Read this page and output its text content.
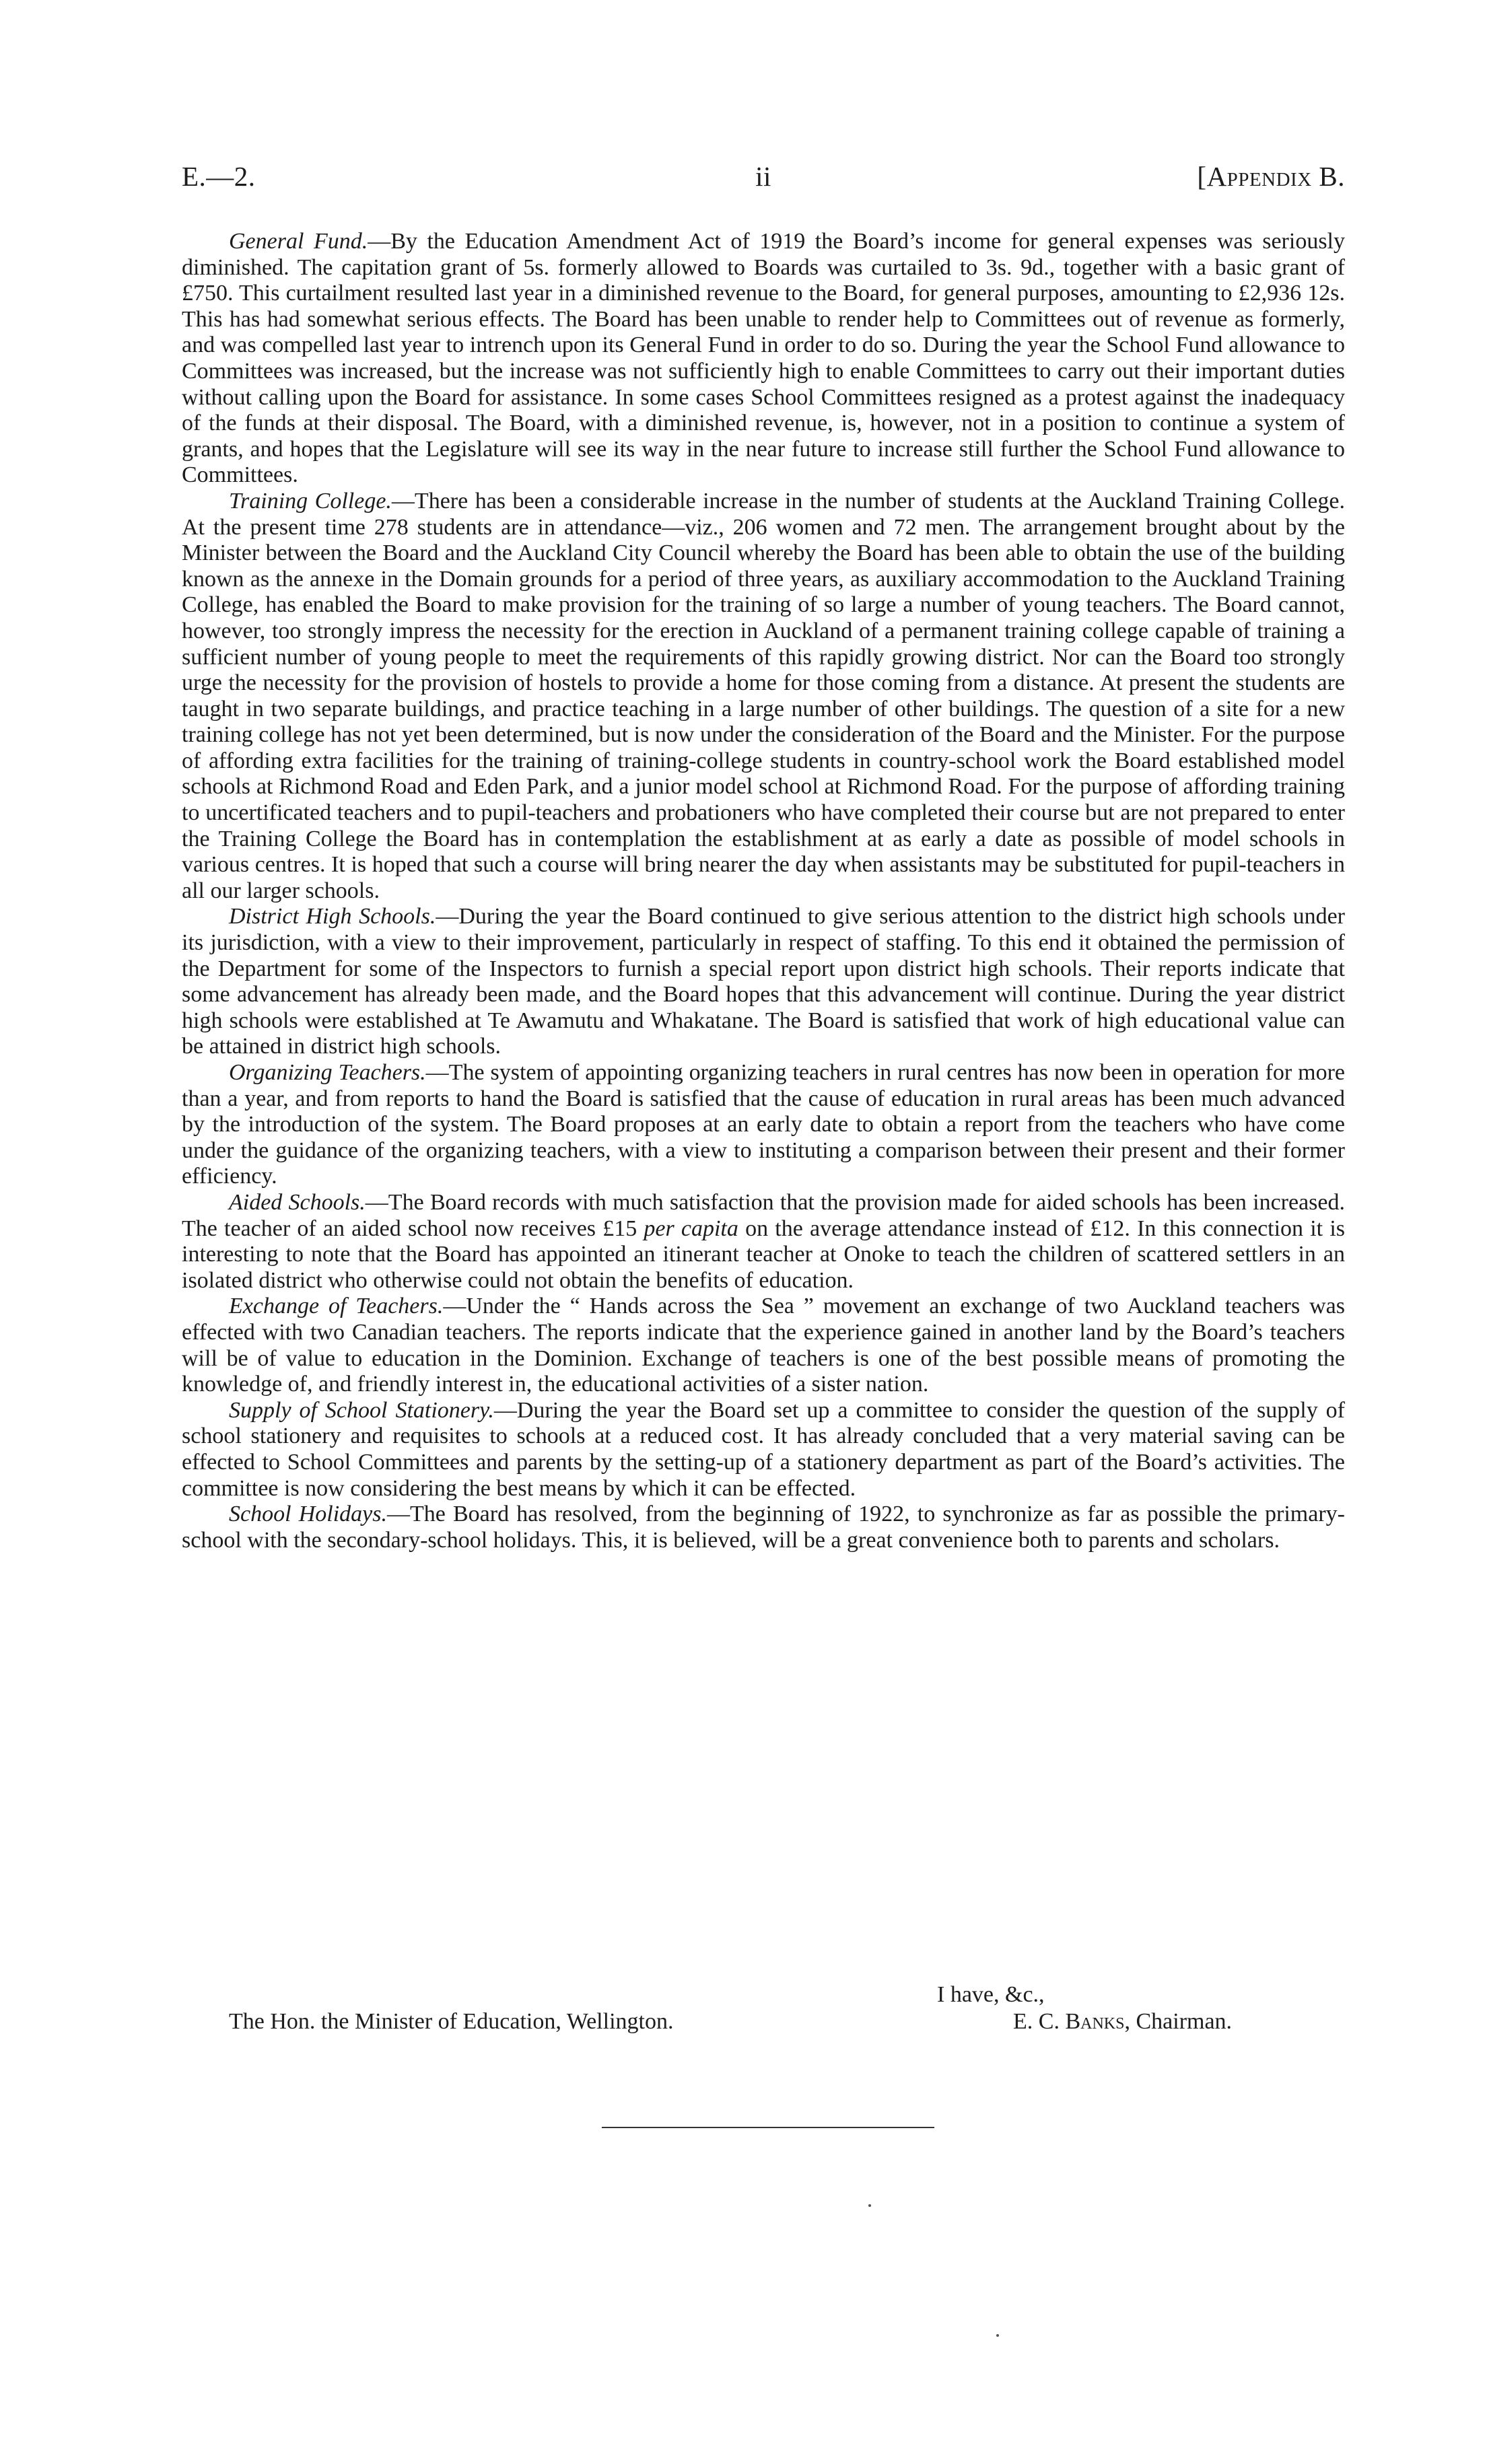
E.—2.	ii	[Appendix B.

General Fund.—By the Education Amendment Act of 1919 the Board’s income for general expenses was seriously diminished. The capitation grant of 5s. formerly allowed to Boards was curtailed to 3s. 9d., together with a basic grant of £750. This curtailment resulted last year in a diminished revenue to the Board, for general purposes, amounting to £2,936 12s. This has had somewhat serious effects. The Board has been unable to render help to Committees out of revenue as formerly, and was compelled last year to intrench upon its General Fund in order to do so. During the year the School Fund allowance to Committees was increased, but the increase was not sufficiently high to enable Committees to carry out their important duties without calling upon the Board for assistance. In some cases School Committees resigned as a protest against the inadequacy of the funds at their disposal. The Board, with a diminished revenue, is, however, not in a position to continue a system of grants, and hopes that the Legislature will see its way in the near future to increase still further the School Fund allowance to Committees.

Training College.—There has been a considerable increase in the number of students at the Auckland Training College. At the present time 278 students are in attendance—viz., 206 women and 72 men. The arrangement brought about by the Minister between the Board and the Auckland City Council whereby the Board has been able to obtain the use of the building known as the annexe in the Domain grounds for a period of three years, as auxiliary accommodation to the Auckland Training College, has enabled the Board to make provision for the training of so large a number of young teachers. The Board cannot, however, too strongly impress the necessity for the erection in Auckland of a permanent training college capable of training a sufficient number of young people to meet the requirements of this rapidly growing district. Nor can the Board too strongly urge the necessity for the provision of hostels to provide a home for those coming from a distance. At present the students are taught in two separate buildings, and practice teaching in a large number of other buildings. The question of a site for a new training college has not yet been determined, but is now under the consideration of the Board and the Minister. For the purpose of affording extra facilities for the training of training-college students in country-school work the Board established model schools at Richmond Road and Eden Park, and a junior model school at Richmond Road. For the purpose of affording training to uncertificated teachers and to pupil-teachers and probationers who have completed their course but are not prepared to enter the Training College the Board has in contemplation the establishment at as early a date as possible of model schools in various centres. It is hoped that such a course will bring nearer the day when assistants may be substituted for pupil-teachers in all our larger schools.

District High Schools.—During the year the Board continued to give serious attention to the district high schools under its jurisdiction, with a view to their improvement, particularly in respect of staffing. To this end it obtained the permission of the Department for some of the Inspectors to furnish a special report upon district high schools. Their reports indicate that some advancement has already been made, and the Board hopes that this advancement will continue. During the year district high schools were established at Te Awamutu and Whakatane. The Board is satisfied that work of high educational value can be attained in district high schools.

Organizing Teachers.—The system of appointing organizing teachers in rural centres has now been in operation for more than a year, and from reports to hand the Board is satisfied that the cause of education in rural areas has been much advanced by the introduction of the system. The Board proposes at an early date to obtain a report from the teachers who have come under the guidance of the organizing teachers, with a view to instituting a comparison between their present and their former efficiency.

Aided Schools.—The Board records with much satisfaction that the provision made for aided schools has been increased. The teacher of an aided school now receives £15 per capita on the average attendance instead of £12. In this connection it is interesting to note that the Board has appointed an itinerant teacher at Onoke to teach the children of scattered settlers in an isolated district who otherwise could not obtain the benefits of education.

Exchange of Teachers.—Under the “ Hands across the Sea ” movement an exchange of two Auckland teachers was effected with two Canadian teachers. The reports indicate that the experience gained in another land by the Board’s teachers will be of value to education in the Dominion. Exchange of teachers is one of the best possible means of promoting the knowledge of, and friendly interest in, the educational activities of a sister nation.

Supply of School Stationery.—During the year the Board set up a committee to consider the question of the supply of school stationery and requisites to schools at a reduced cost. It has already concluded that a very material saving can be effected to School Committees and parents by the setting-up of a stationery department as part of the Board’s activities. The committee is now considering the best means by which it can be effected.

School Holidays.—The Board has resolved, from the beginning of 1922, to synchronize as far as possible the primary-school with the secondary-school holidays. This, it is believed, will be a great convenience both to parents and scholars.

I have, &c.,
The Hon. the Minister of Education, Wellington.	E. C. Banks, Chairman.
